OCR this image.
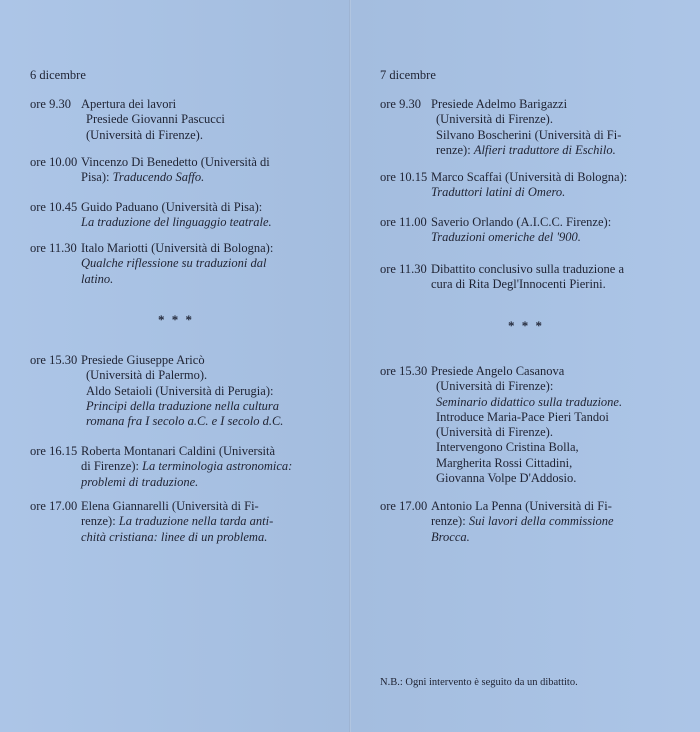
6 dicembre
* * *
ore 9.30 Apertura dei lavori
Presiede Giovanni Pascucci
(Università di Firenze).
ore 10.00 Vincenzo Di Benedetto (Università di
Pisa): Traducendo Saffo.
ore 10.45 Guido Paduano (Università di Pisa):
La traduzione del linguaggio teatrale.
ore 11.30 Italo Mariotti (Università di Bologna):
Qualche riflessione su traduzioni dal
latino.
ore 15.30 Presiede Giuseppe Aricò
(Università di Palermo).
Aldo Setaioli (Università di Perugia):
Principi della traduzione nella cultura
romana fra I secolo a.C. e I secolo d.C.
ore 16.15 Roberta Montanari Caldini (Università
di Firenze): La terminologia astronomica:
problemi di traduzione.
ore 17.00 Elena Giannarelli (Università di Fi-
renze): La traduzione nella tarda anti-
chità cristiana: linee di un problema.
7 dicembre
* * *
ore 9.30 Presiede Adelmo Barigazzi
(Università di Firenze).
Silvano Boscherini (Università di Fi-
renze): Alfieri traduttore di Eschilo.
ore 10.15 Marco Scaffai (Università di Bologna):
Traduttori latini di Omero.
ore 11.00 Saverio Orlando (A.I.C.C. Firenze):
Traduzioni omeriche del '900.
ore 11.30 Dibattito conclusivo sulla traduzione a
cura di Rita Degl'Innocenti Pierini.
ore 15.30 Presiede Angelo Casanova
(Università di Firenze):
Seminario didattico sulla traduzione.
Introduce Maria-Pace Pieri Tandoi
(Università di Firenze).
Intervengono Cristina Bolla,
Margherita Rossi Cittadini,
Giovanna Volpe D'Addosio.
ore 17.00 Antonio La Penna (Università di Fi-
renze): Sui lavori della commissione
Brocca.
N.B.: Ogni intervento è seguito da un dibattito.
